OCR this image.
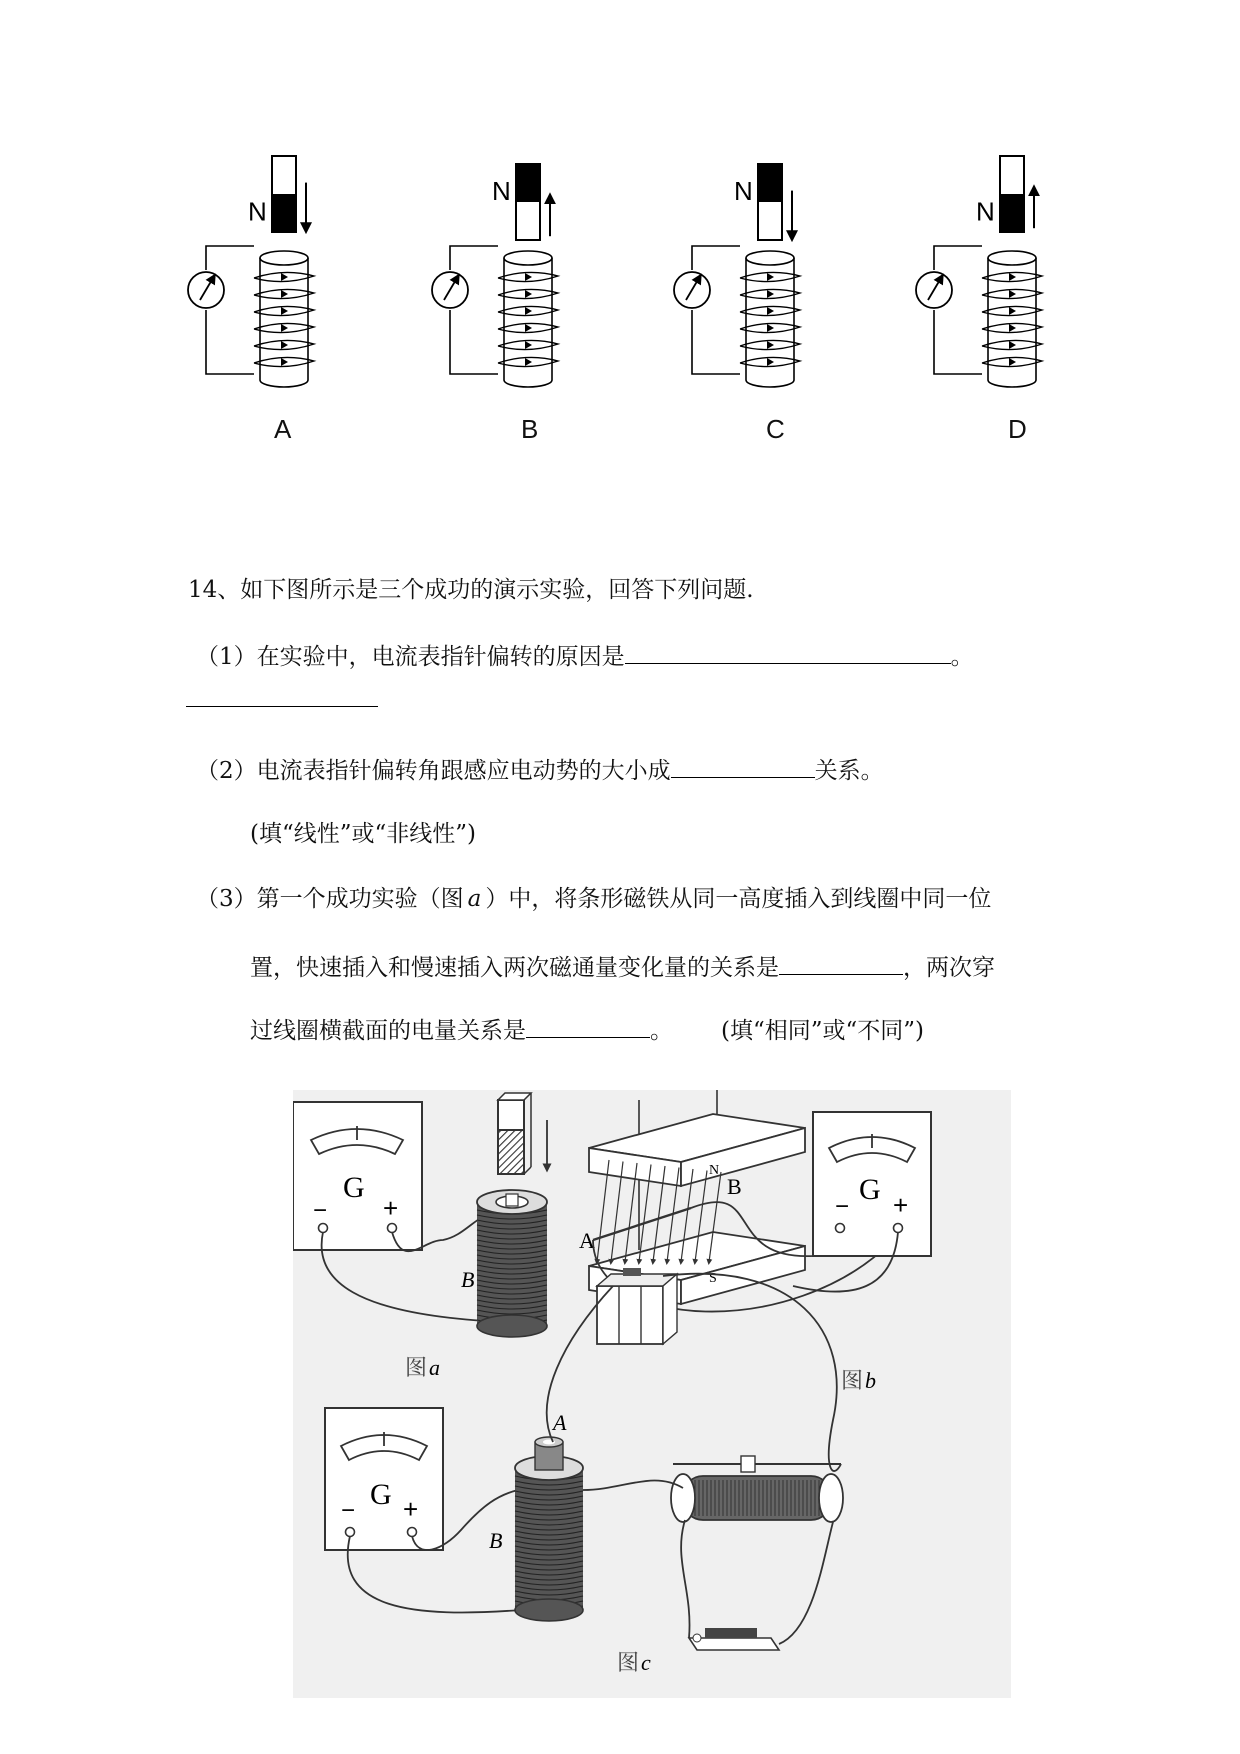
N
N	N
N
A	B	C	D
14、如下图所示是三个成功的演示实验，回答下列问题.
（1）在实验中，电流表指针偏转的原因是	。
（2）电流表指针偏转角跟感应电动势的大小成	关系。
(填“线性”或“非线性”)
（3）第一个成功实验（图 a ）中，将条形磁铁从同一高度插入到线圈中同一位
置，快速插入和慢速插入两次磁通量变化量的关系是	，两次穿
过线圈横截面的电量关系是	。 (填“相同”或“不同”)
G
− +
B
图 a
A
B
N
S
G
− +
图 b
G
− +
A
B
图 c
